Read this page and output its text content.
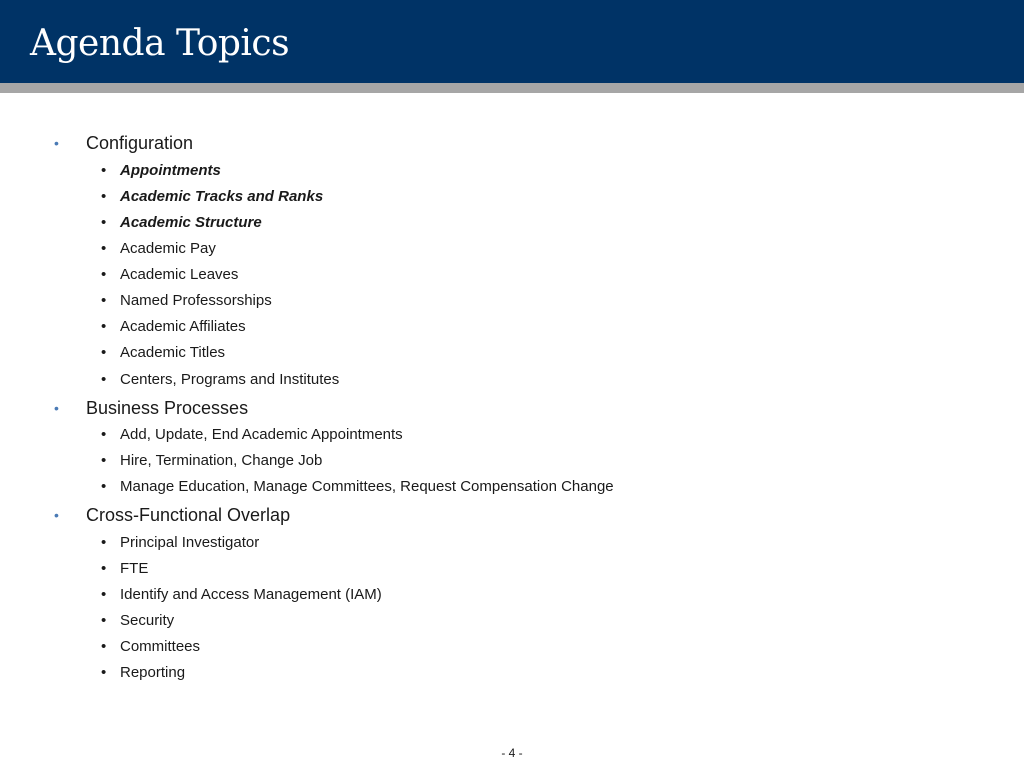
Agenda Topics
• Configuration
• Appointments
• Academic Tracks and Ranks
• Academic Structure
• Academic Pay
• Academic Leaves
• Named Professorships
• Academic Affiliates
• Academic Titles
• Centers, Programs and Institutes
• Business Processes
• Add, Update, End Academic Appointments
• Hire, Termination, Change Job
• Manage Education, Manage Committees, Request Compensation Change
• Cross-Functional Overlap
• Principal Investigator
• FTE
• Identify and Access Management (IAM)
• Security
• Committees
• Reporting
- 4 -
